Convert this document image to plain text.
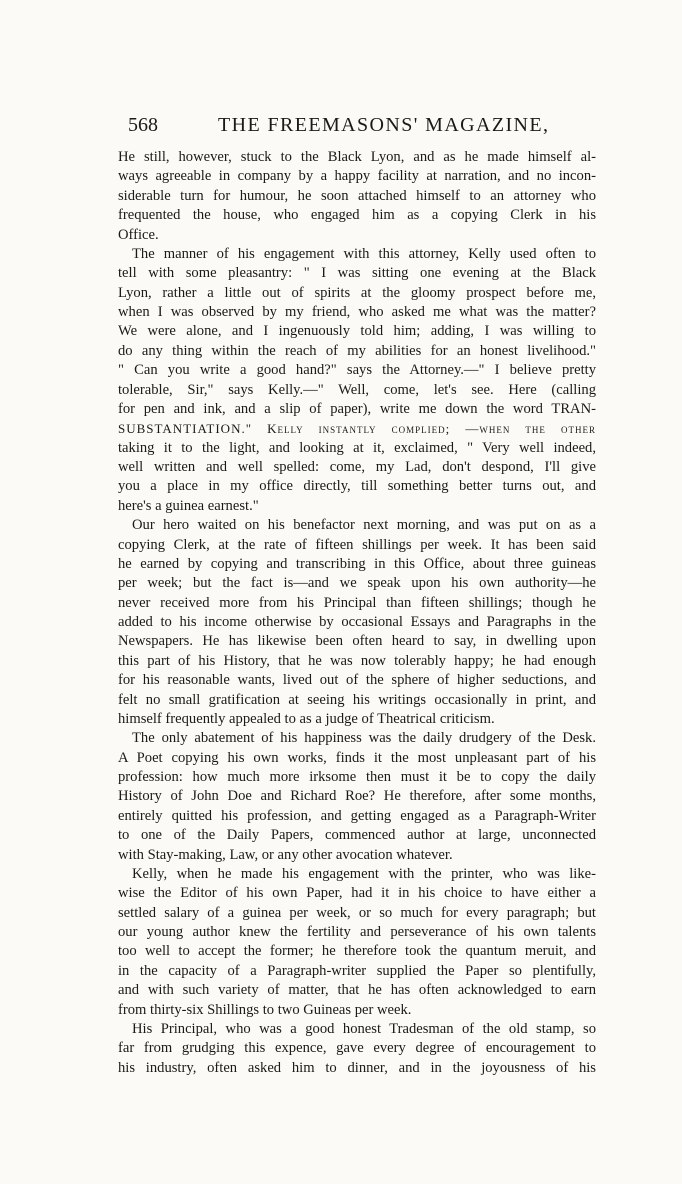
568	THE FREEMASONS' MAGAZINE,
He still, however, stuck to the Black Lyon, and as he made himself al-
ways agreeable in company by a happy facility at narration, and no incon-
siderable turn for humour, he soon attached himself to an attorney who
frequented the house, who engaged him as a copying Clerk in his
Office.
The manner of his engagement with this attorney, Kelly used often to
tell with some pleasantry: " I was sitting one evening at the Black
Lyon, rather a little out of spirits at the gloomy prospect before me,
when I was observed by my friend, who asked me what was the matter?
We were alone, and I ingenuously told him; adding, I was willing to
do any thing within the reach of my abilities for an honest livelihood."
" Can you write a good hand?" says the Attorney.—" I believe pretty
tolerable, Sir," says Kelly.—" Well, come, let's see. Here (calling
for pen and ink, and a slip of paper), write me down the word TRAN-
SUBSTANTIATION." Kelly instantly complied; —when the other
taking it to the light, and looking at it, exclaimed, " Very well indeed,
well written and well spelled: come, my Lad, don't despond, I'll give
you a place in my office directly, till something better turns out, and
here's a guinea earnest."
Our hero waited on his benefactor next morning, and was put on as a
copying Clerk, at the rate of fifteen shillings per week. It has been said
he earned by copying and transcribing in this Office, about three guineas
per week; but the fact is—and we speak upon his own authority—he
never received more from his Principal than fifteen shillings; though he
added to his income otherwise by occasional Essays and Paragraphs in the
Newspapers. He has likewise been often heard to say, in dwelling upon
this part of his History, that he was now tolerably happy; he had enough
for his reasonable wants, lived out of the sphere of higher seductions, and
felt no small gratification at seeing his writings occasionally in print, and
himself frequently appealed to as a judge of Theatrical criticism.
The only abatement of his happiness was the daily drudgery of the Desk.
A Poet copying his own works, finds it the most unpleasant part of his
profession: how much more irksome then must it be to copy the daily
History of John Doe and Richard Roe? He therefore, after some months,
entirely quitted his profession, and getting engaged as a Paragraph-Writer
to one of the Daily Papers, commenced author at large, unconnected
with Stay-making, Law, or any other avocation whatever.
Kelly, when he made his engagement with the printer, who was like-
wise the Editor of his own Paper, had it in his choice to have either a
settled salary of a guinea per week, or so much for every paragraph; but
our young author knew the fertility and perseverance of his own talents
too well to accept the former; he therefore took the quantum meruit, and
in the capacity of a Paragraph-writer supplied the Paper so plentifully,
and with such variety of matter, that he has often acknowledged to earn
from thirty-six Shillings to two Guineas per week.
His Principal, who was a good honest Tradesman of the old stamp, so
far from grudging this expence, gave every degree of encouragement to
his industry, often asked him to dinner, and in the joyousness of his
